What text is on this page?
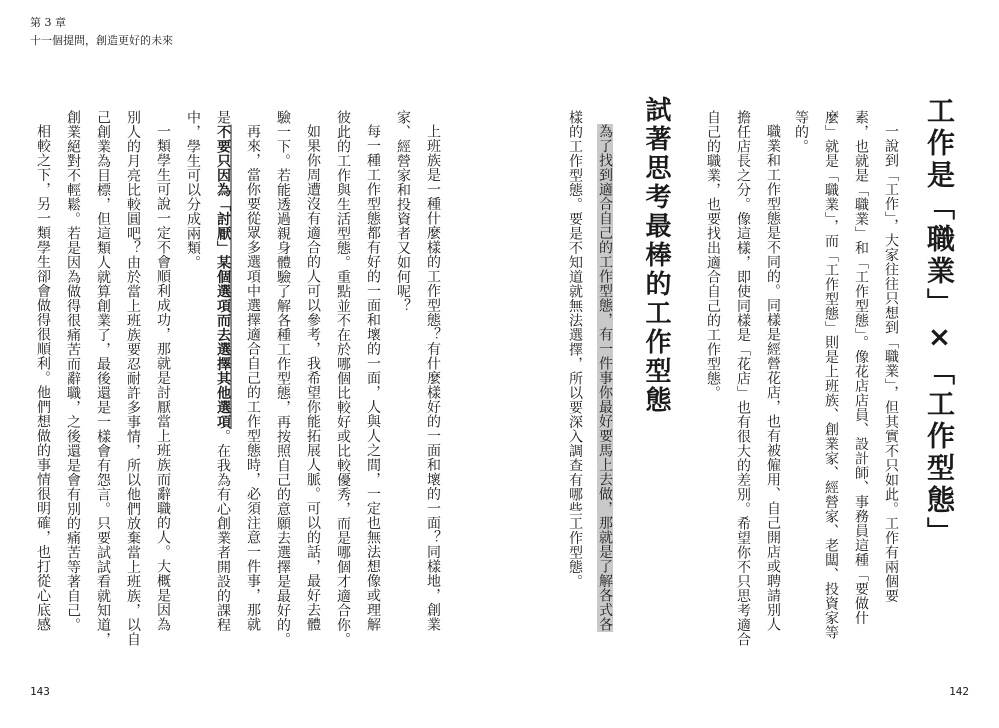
第 3 章
十一個提問，創造更好的未來
工作是「職業」×「工作型態」
一說到「工作」，大家往往只想到「職業」，但其實不只如此。工作有兩個要
素，也就是「職業」和「工作型態」。像花店店員、設計師、事務員這種「要做什
麼」就是「職業」，而「工作型態」則是上班族、創業家、經營家、老闆、投資家等
等的。
職業和工作型態是不同的。同樣是經營花店，也有被僱用、自己開店或聘請別人
擔任店長之分。像這樣，即使同樣是「花店」也有很大的差別。希望你不只思考適合
自己的職業，也要找出適合自己的工作型態。
試著思考最棒的工作型態
為了找到適合自己的工作型態，有一件事你最好要馬上去做，那就是了解各式各
樣的工作型態。要是不知道就無法選擇，所以要深入調查有哪些工作型態。
上班族是一種什麼樣的工作型態？有什麼樣好的一面和壞的一面？同樣地，創業
家、經營家和投資者又如何呢？
每一種工作型態都有好的一面和壞的一面，人與人之間，一定也無法想像或理解
彼此的工作與生活型態。重點並不在於哪個比較好或比較優秀，而是哪個才適合你。
如果你周遭沒有適合的人可以參考，我希望你能拓展人脈。可以的話，最好去體
驗一下。若能透過親身體驗了解各種工作型態，再按照自己的意願去選擇是最好的。
再來，當你要從眾多選項中選擇適合自己的工作型態時，必須注意一件事，那就
是不要只因為「討厭」某個選項而去選擇其他選項。在我為有心創業者開設的課程
中，學生可以分成兩類。
一類學生可說一定不會順利成功，那就是討厭當上班族而辭職的人。大概是因為
別人的月亮比較圓吧？由於當上班族要忍耐許多事情，所以他們放棄當上班族，以自
己創業為目標，但這類人就算創業了，最後還是一樣會有怨言。只要試試看就知道，
創業絕對不輕鬆。若是因為做得很痛苦而辭職，之後還是會有別的痛苦等著自己。
相較之下，另一類學生卻會做得很順利。他們想做的事情很明確，也打從心底感
143	142
